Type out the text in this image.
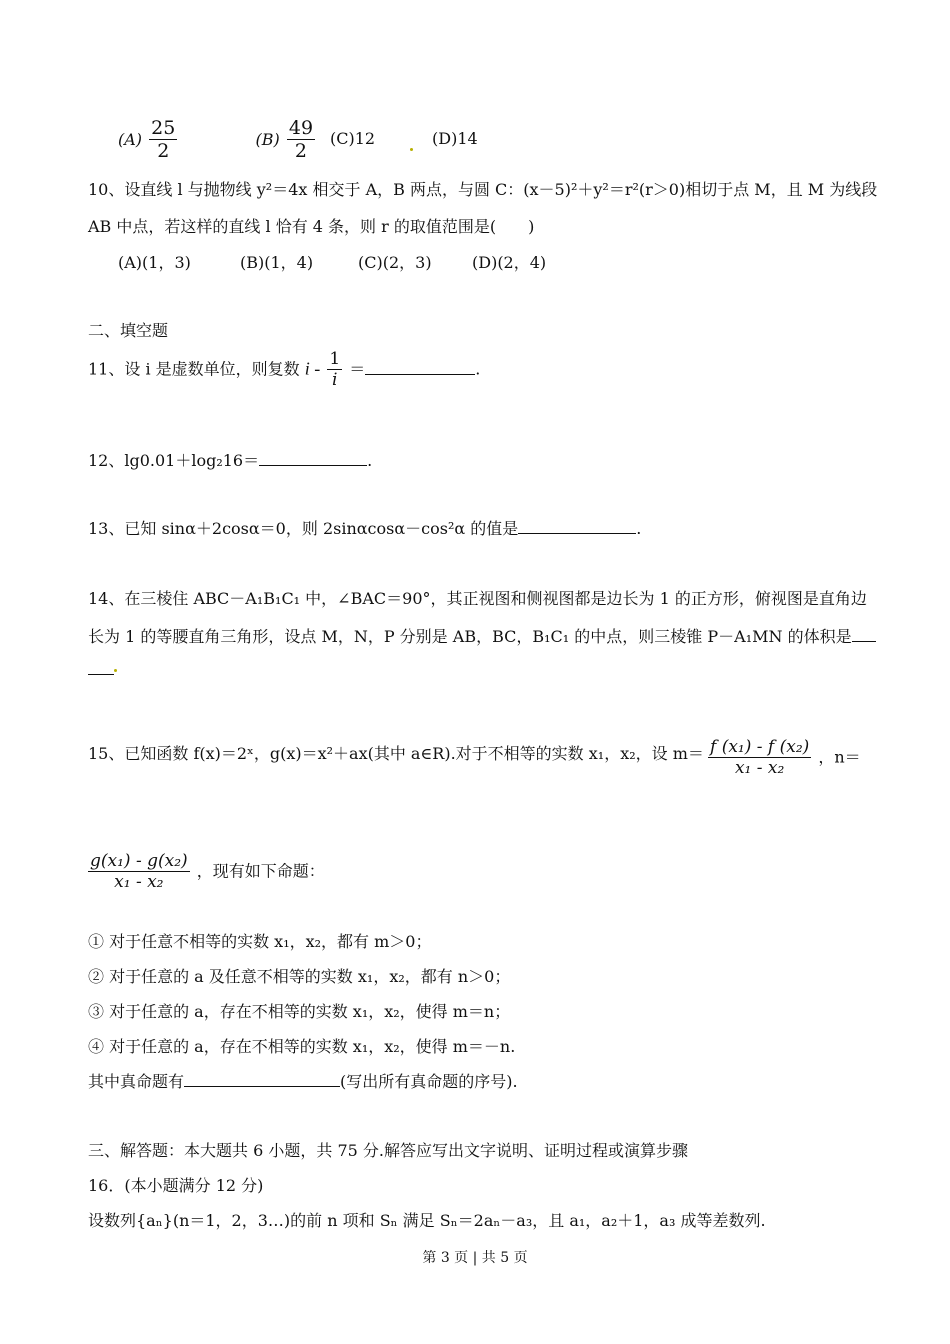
$(A) \frac{25}{2}$	$(B) \frac{49}{2} (C)12$	(D)14
10、设直线 l 与抛物线 y²＝4x 相交于 A，B 两点，与圆 C：(x－5)²＋y²＝r²(r＞0)相切于点 M，且 M 为线段
AB 中点，若这样的直线 l 恰有 4 条，则 r 的取值范围是(　　)
(A)(1，3)	(B)(1，4)	(C)(2，3)	(D)(2，4)
二、填空题
11、设 i 是虚数单位，则复数 i - $\frac{1}{i}$ ＝	.
12、lg0.01＋log₂16＝	.
13、已知 sinα＋2cosα＝0，则 2sinαcosα－cos²α 的值是	.
14、在三棱住 ABC－A₁B₁C₁ 中，∠BAC＝90°，其正视图和侧视图都是边长为 1 的正方形，俯视图是直角边
长为 1 的等腰直角三角形，设点 M，N，P 分别是 AB，BC，B₁C₁ 的中点，则三棱锥 P－A₁MN 的体积是
15、已知函数 f(x)＝2ˣ，g(x)＝x²＋ax(其中 a∈R).对于不相等的实数 x₁，x₂，设 $m= \frac{\text{f (x₁) - f (x₂)}}{\text{x₁ - x₂}}$ ，n＝
$\frac{\text{g(x₁) - g(x₂)}}{\text{x₁ - x₂}}$ ，现有如下命题：
① 对于任意不相等的实数 x₁，x₂，都有 m＞0；
② 对于任意的 a 及任意不相等的实数 x₁，x₂，都有 n＞0；
③ 对于任意的 a，存在不相等的实数 x₁，x₂，使得 m＝n；
④ 对于任意的 a，存在不相等的实数 x₁，x₂，使得 m＝－n.
其中真命题有	(写出所有真命题的序号).
三、解答题：本大题共 6 小题，共 75 分.解答应写出文字说明、证明过程或演算步骤
16．(本小题满分 12 分)
设数列{aₙ}(n＝1，2，3…)的前 n 项和 Sₙ 满足 Sₙ＝2aₙ－a₃，且 a₁，a₂＋1，a₃ 成等差数列.
第 3 页 | 共 5 页
